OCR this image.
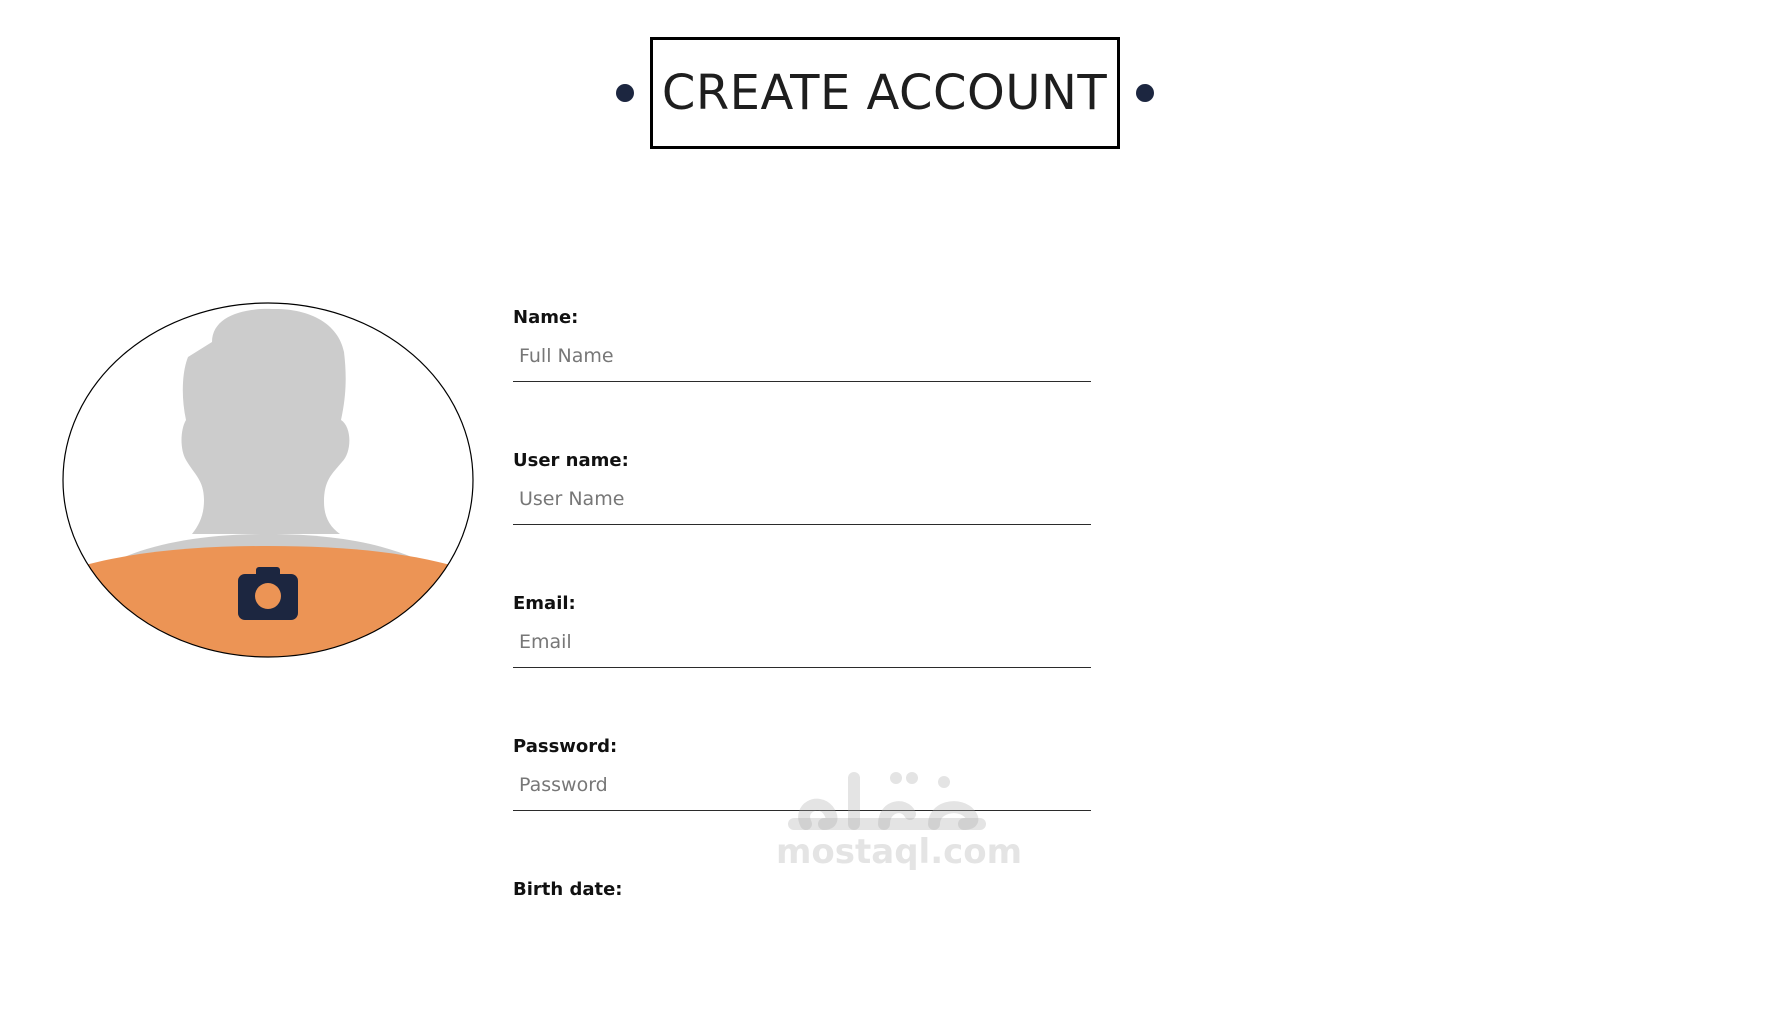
CREATE ACCOUNT
Name:
Full Name
User name:
User Name
Email:
Email
Password:
Birth date:
mostaql.com
